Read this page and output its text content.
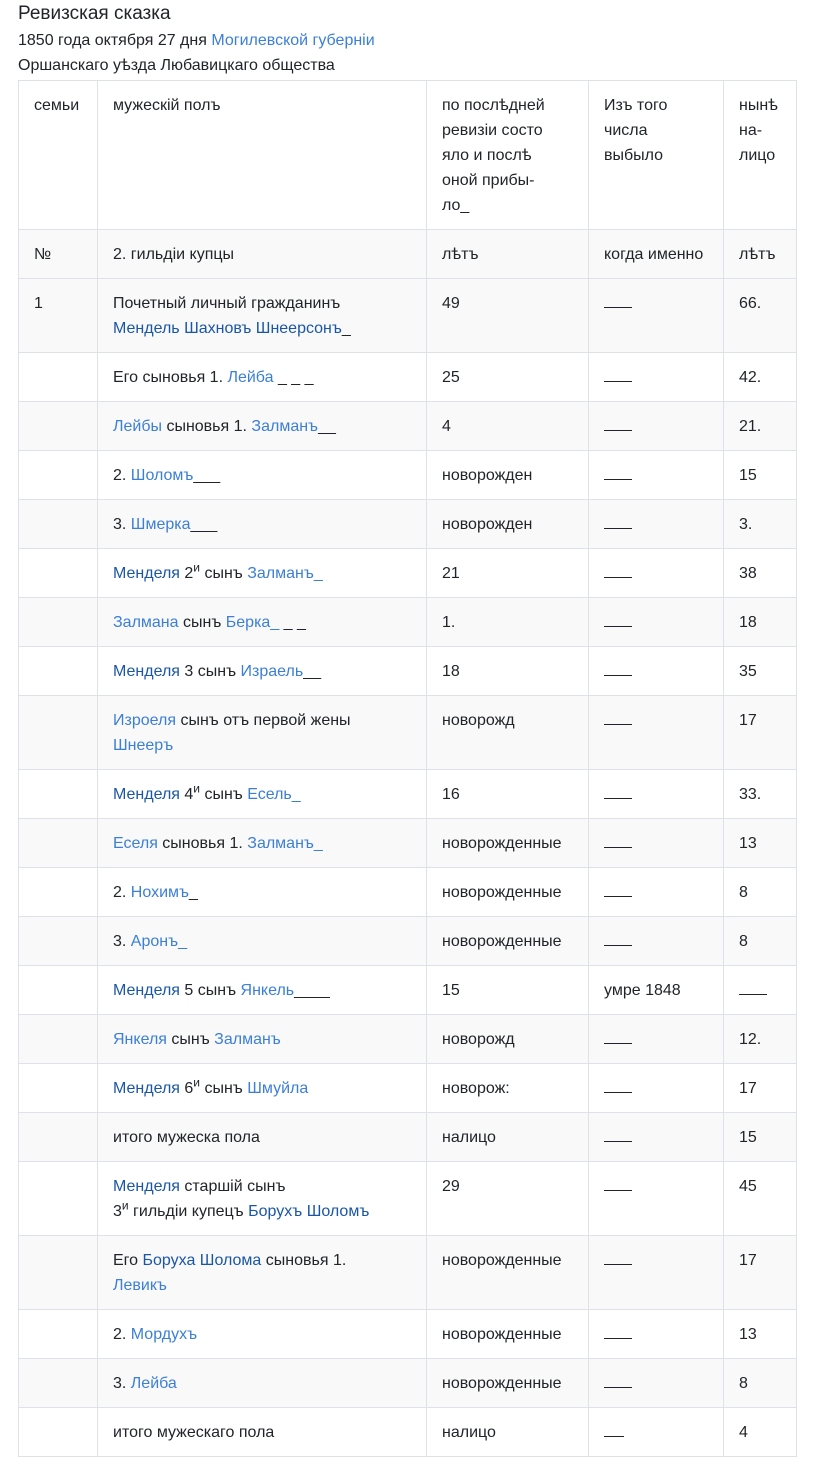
Ревизская сказка
1850 года октября 27 дня Могилевской губерніи
Оршанскаго уѣзда Любавицкаго общества
семьи	мужескій полъ	по послѣдней ревизіи состо яло и послѣ оной прибы-ло_	Изъ того числа выбыло	нынѣ на-лицо
№	2. гильдіи купцы	лѣтъ	когда именно	лѣтъ
1	Почетный личный гражданинъ
Мендель Шахновъ Шнеерсонъ_	49		66.
	Его сыновья 1. Лейба _ _ _	25		42.
	Лейбы сыновья 1. Залманъ__	4		21.
	2. Шоломъ___	новорожден		15
	3. Шмерка___	новорожден		3.
	Менделя $2^и$ сынъ Залманъ_	21		38
	Залмана сынъ Берка_ _ _	1.		18
	Менделя 3 сынъ Израель__	18		35
	Изроеля сынъ отъ первой жены
Шнееръ	новорожд		17
	Менделя $4^и$ сынъ Есель_	16		33.
	Еселя сыновья 1. Залманъ_	новорожденные		13
	2. Нохимъ_	новорожденные		8
	3. Аронъ_	новорожденные		8
	Менделя 5 сынъ Янкель____	15	умре 1848	
	Янкеля сынъ Залманъ	новорожд		12.
	Менделя $6^и$ сынъ Шмуйла	новорож:		17
	итого мужеска пола	налицо		15
	Менделя старшій сынъ
$3^и$ гильдіи купецъ Борухъ Шоломъ	29		45
	Его Боруха Шолома сыновья 1.
Левикъ	новорожденные		17
	2. Мордухъ	новорожденные		13
	3. Лейба	новорожденные		8
	итого мужескаго пола	налицо		4
